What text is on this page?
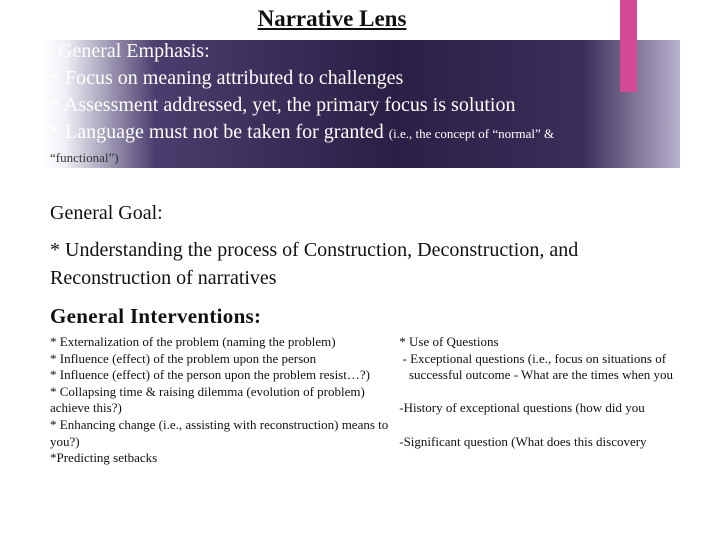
Narrative Lens
General Emphasis:
* Focus on meaning attributed to challenges
* Assessment addressed, yet, the primary focus is solution
* Language must not be taken for granted (i.e., the concept of “normal” &
“functional”)
General Goal:
* Understanding the process of Construction, Deconstruction, and Reconstruction of narratives
General Interventions:
* Externalization of the problem (naming the problem)
* Influence (effect) of the problem upon the person
* Influence (effect) of the person upon the problem resist…?)
* Collapsing time & raising dilemma (evolution of problem) achieve this?)
* Enhancing change (i.e., assisting with reconstruction) means to you?)
*Predicting setbacks
* Use of Questions
- Exceptional questions (i.e., focus on situations of
successful outcome - What are the times when you
-History of exceptional questions (how did you
-Significant question (What does this discovery
